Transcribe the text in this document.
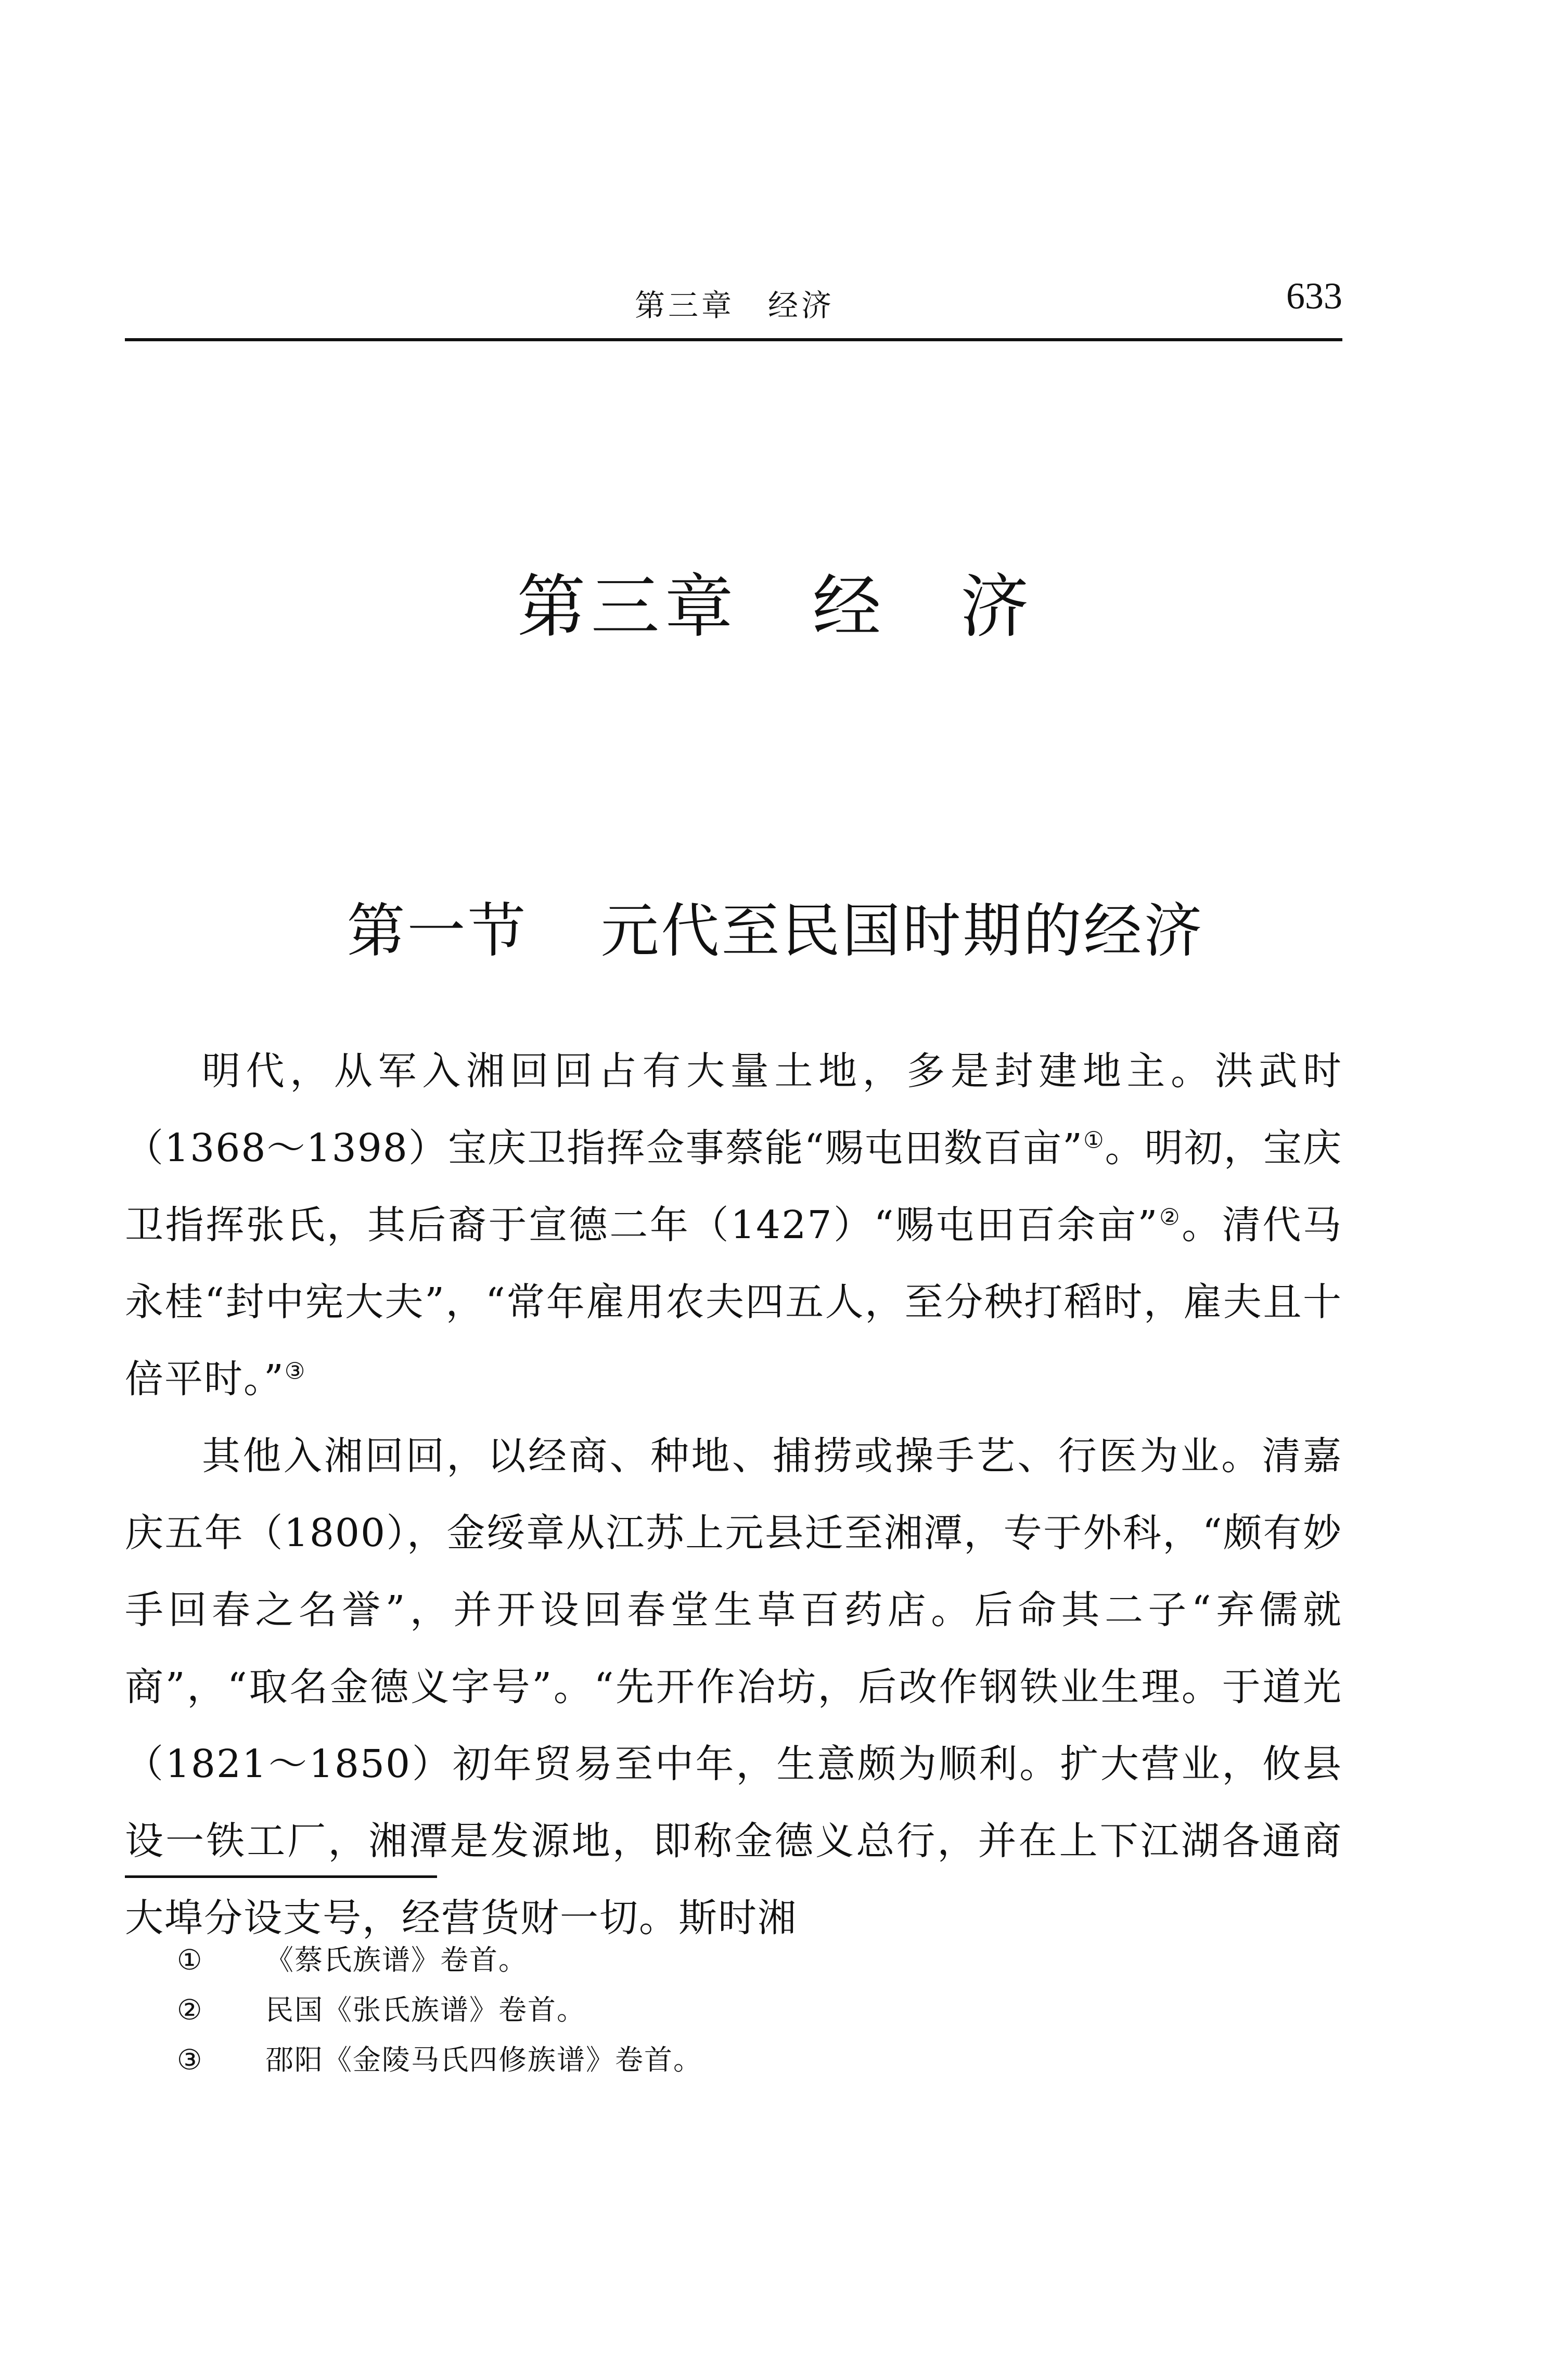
第三章　经济	633
第三章　经　济
第一节 元代至民国时期的经济

明代，从军入湘回回占有大量土地，多是封建地主。洪武时（1368～1398）宝庆卫指挥佥事蔡能“赐屯田数百亩”①。明初，宝庆卫指挥张氏，其后裔于宣德二年（1427）“赐屯田百余亩”②。清代马永桂“封中宪大夫”，“常年雇用农夫四五人，至分秧打稻时，雇夫且十倍平时。”③

其他入湘回回，以经商、种地、捕捞或操手艺、行医为业。清嘉庆五年（1800），金绥章从江苏上元县迁至湘潭，专于外科，“颇有妙手回春之名誉”，并开设回春堂生草百药店。后命其二子“弃儒就商”，“取名金德义字号”。“先开作冶坊，后改作钢铁业生理。于道光（1821～1850）初年贸易至中年，生意颇为顺利。扩大营业，攸县设一铁工厂，湘潭是发源地，即称金德义总行，并在上下江湖各通商大埠分设支号，经营货财一切。斯时湘

① 《蔡氏族谱》卷首。
② 民国《张氏族谱》卷首。
③ 邵阳《金陵马氏四修族谱》卷首。
